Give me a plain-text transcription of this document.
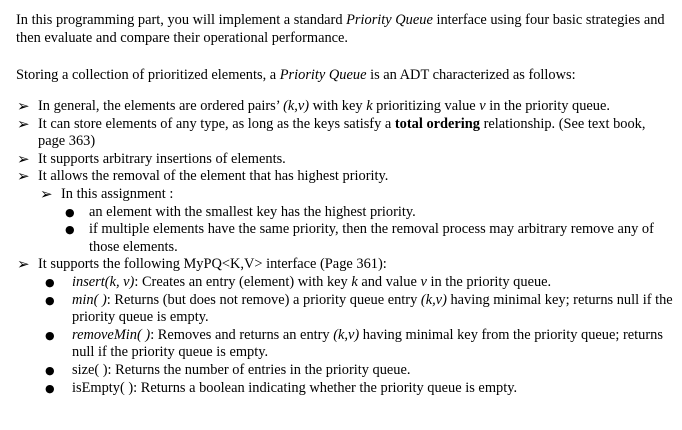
In this programming part, you will implement a standard Priority Queue interface using four basic strategies and then evaluate and compare their operational performance.

Storing a collection of prioritized elements, a Priority Queue is an ADT characterized as follows:

➢ In general, the elements are ordered pairs’ (k,v) with key k prioritizing value v in the priority queue.
➢ It can store elements of any type, as long as the keys satisfy a total ordering relationship. (See text book, page 363)
➢ It supports arbitrary insertions of elements.
➢ It allows the removal of the element that has highest priority.
➢ In this assignment :
● an element with the smallest key has the highest priority.
● if multiple elements have the same priority, then the removal process may arbitrary remove any of those elements.
➢ It supports the following MyPQ<K,V> interface (Page 361):
● insert(k, v): Creates an entry (element) with key k and value v in the priority queue.
● min( ): Returns (but does not remove) a priority queue entry (k,v) having minimal key; returns null if the priority queue is empty.
● removeMin( ): Removes and returns an entry (k,v) having minimal key from the priority queue; returns null if the priority queue is empty.
● size( ): Returns the number of entries in the priority queue.
● isEmpty( ): Returns a boolean indicating whether the priority queue is empty.
